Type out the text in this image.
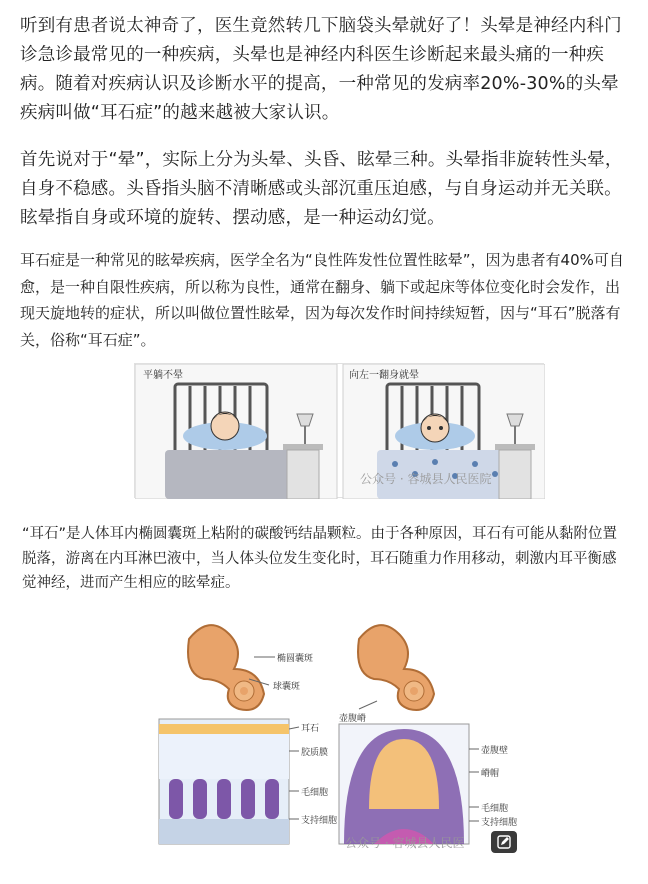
听到有患者说太神奇了，医生竟然转几下脑袋头晕就好了！头晕是神经内科门诊急诊最常见的一种疾病，头晕也是神经内科医生诊断起来最头痛的一种疾病。随着对疾病认识及诊断水平的提高，一种常见的发病率20%-30%的头晕疾病叫做“耳石症”的越来越被大家认识。

首先说对于“晕”，实际上分为头晕、头昏、眩晕三种。头晕指非旋转性头晕，自身不稳感。头昏指头脑不清晰感或头部沉重压迫感，与自身运动并无关联。眩晕指自身或环境的旋转、摆动感，是一种运动幻觉。

耳石症是一种常见的眩晕疾病，医学全名为“良性阵发性位置性眩晕”，因为患者有40%可自愈，是一种自限性疾病，所以称为良性，通常在翻身、躺下或起床等体位变化时会发作，出现天旋地转的症状，所以叫做位置性眩晕，因为每次发作时间持续短暂，因与“耳石”脱落有关，俗称“耳石症”。

平躺不晕	向左一翻身就晕
公众号 · 容城县人民医院

“耳石”是人体耳内椭圆囊斑上粘附的碳酸钙结晶颗粒。由于各种原因，耳石有可能从黏附位置脱落，游离在内耳淋巴液中，当人体头位发生变化时，耳石随重力作用移动，刺激内耳平衡感觉神经，进而产生相应的眩晕症。

椭圆囊斑
球囊斑
耳石
胶质膜
毛细胞
支持细胞
壶腹嵴
壶腹壁
嵴帽
毛细胞
支持细胞
公众号 · 容城县人民医
